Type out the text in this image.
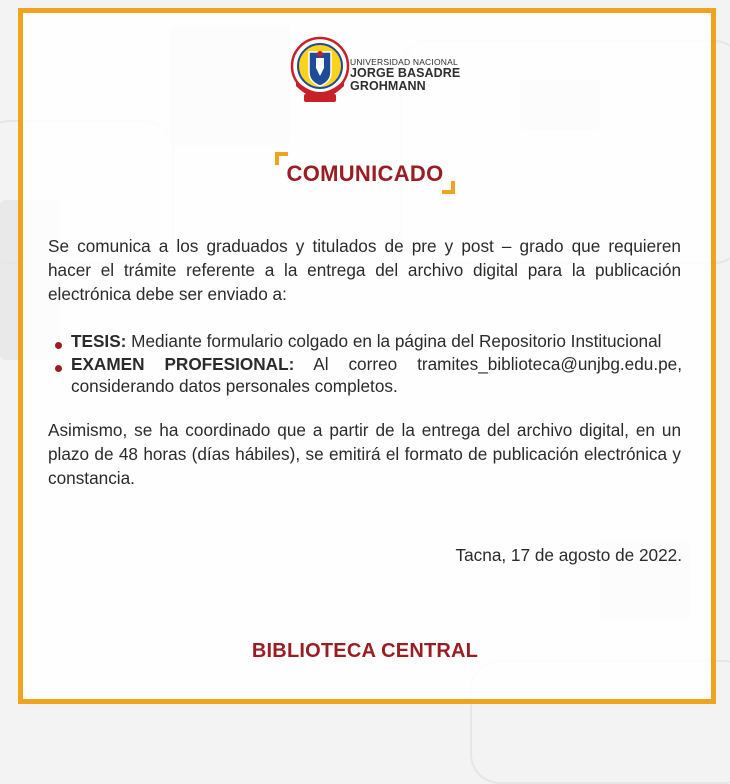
UNIVERSIDAD NACIONAL
JORGE BASADRE
GROHMANN
COMUNICADO
Se comunica a los graduados y titulados de pre y post – grado que requieren hacer el trámite referente a la entrega del archivo digital para la publicación electrónica debe ser enviado a:
TESIS: Mediante formulario colgado en la página del Repositorio Institucional
EXAMEN PROFESIONAL: Al correo tramites_biblioteca@unjbg.edu.pe, considerando datos personales completos.
Asimismo, se ha coordinado que a partir de la entrega del archivo digital, en un plazo de 48 horas (días hábiles), se emitirá el formato de publicación electrónica y constancia.
Tacna, 17 de agosto de 2022.
BIBLIOTECA CENTRAL
